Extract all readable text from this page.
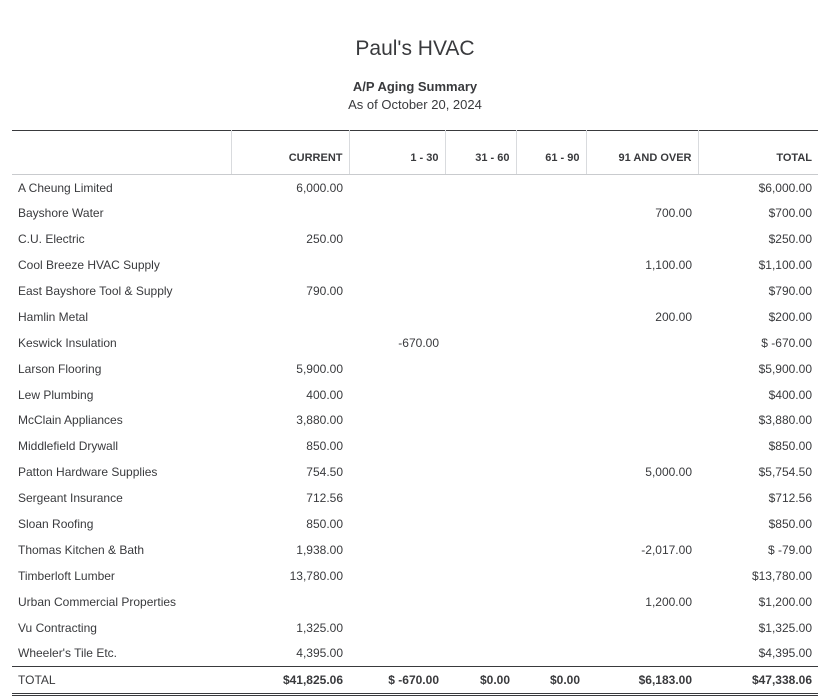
Paul's HVAC
A/P Aging Summary
As of October 20, 2024
	CURRENT	1 - 30	31 - 60	61 - 90	91 AND OVER	TOTAL
A Cheung Limited	6,000.00					$6,000.00
Bayshore Water					700.00	$700.00
C.U. Electric	250.00					$250.00
Cool Breeze HVAC Supply					1,100.00	$1,100.00
East Bayshore Tool & Supply	790.00					$790.00
Hamlin Metal					200.00	$200.00
Keswick Insulation		-670.00				$ -670.00
Larson Flooring	5,900.00					$5,900.00
Lew Plumbing	400.00					$400.00
McClain Appliances	3,880.00					$3,880.00
Middlefield Drywall	850.00					$850.00
Patton Hardware Supplies	754.50				5,000.00	$5,754.50
Sergeant Insurance	712.56					$712.56
Sloan Roofing	850.00					$850.00
Thomas Kitchen & Bath	1,938.00				-2,017.00	$ -79.00
Timberloft Lumber	13,780.00					$13,780.00
Urban Commercial Properties					1,200.00	$1,200.00
Vu Contracting	1,325.00					$1,325.00
Wheeler's Tile Etc.	4,395.00					$4,395.00
TOTAL	$41,825.06	$ -670.00	$0.00	$0.00	$6,183.00	$47,338.06
